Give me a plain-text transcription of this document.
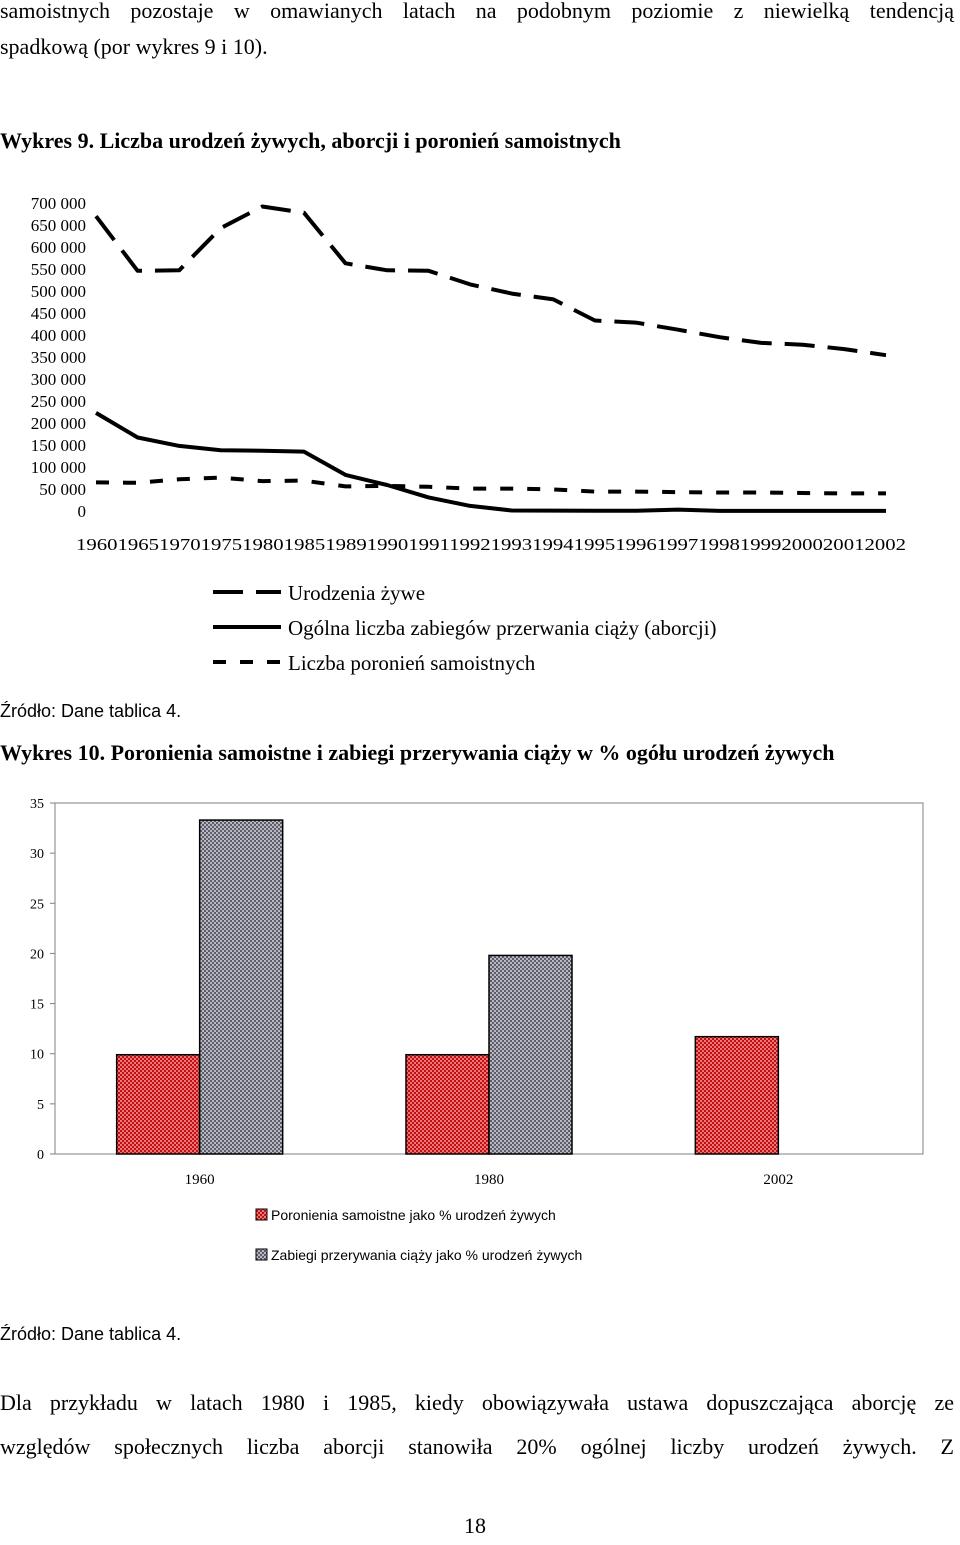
samoistnych pozostaje w omawianych latach na podobnym poziomie z niewielką tendencją
spadkową (por wykres 9 i 10).
Wykres 9. Liczba urodzeń żywych, aborcji i poronień samoistnych
0
50 000
100 000
150 000
200 000
250 000
300 000
350 000
400 000
450 000
500 000
550 000
600 000
650 000
700 000
1960 1965 1970 1975 1980 1985 1989 1990 1991 1992 1993 1994 1995 1996 1997 1998 1999 2000 2001 2002
Urodzenia żywe
Ogólna liczba zabiegów przerwania ciąży (aborcji)
Liczba poronień samoistnych
Źródło: Dane tablica 4.
Wykres 10. Poronienia samoistne i zabiegi przerywania ciąży w % ogółu urodzeń żywych
0
5
10
15
20
25
30
35
1960	1980	2002
Poronienia samoistne jako % urodzeń żywych
Zabiegi przerywania ciąży jako % urodzeń żywych
Źródło: Dane tablica 4.
Dla przykładu w latach 1980 i 1985, kiedy obowiązywała ustawa dopuszczająca aborcję ze
względów społecznych liczba aborcji stanowiła 20% ogólnej liczby urodzeń żywych. Z
18
